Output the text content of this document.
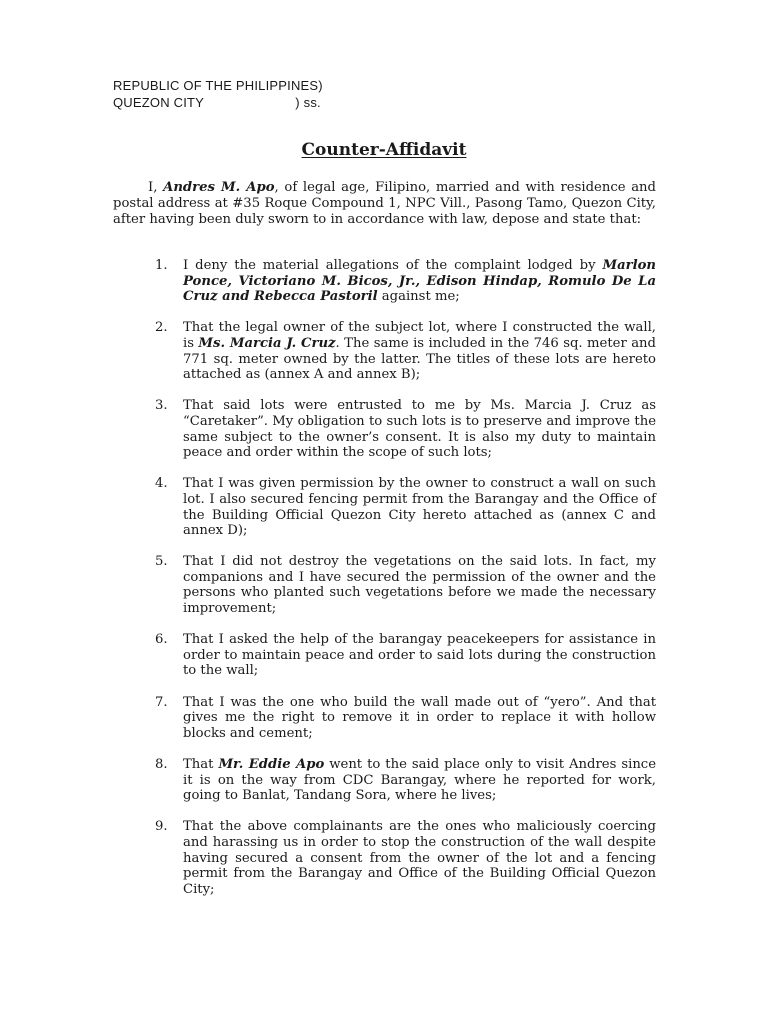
REPUBLIC OF THE PHILIPPINES)
QUEZON CITY                        ) ss.
Counter-Affidavit

I, Andres M. Apo, of legal age, Filipino, married and with residence and postal address at #35 Roque Compound 1, NPC Vill., Pasong Tamo, Quezon City, after having been duly sworn to in accordance with law, depose and state that:

1. I deny the material allegations of the complaint lodged by Marlon Ponce, Victoriano M. Bicos, Jr., Edison Hindap, Romulo De La Cruz and Rebecca Pastoril against me;
2. That the legal owner of the subject lot, where I constructed the wall, is Ms. Marcia J. Cruz. The same is included in the 746 sq. meter and 771 sq. meter owned by the latter. The titles of these lots are hereto attached as (annex A and annex B);
3. That said lots were entrusted to me by Ms. Marcia J. Cruz as “Caretaker”. My obligation to such lots is to preserve and improve the same subject to the owner’s consent. It is also my duty to maintain peace and order within the scope of such lots;
4. That I was given permission by the owner to construct a wall on such lot. I also secured fencing permit from the Barangay and the Office of the Building Official Quezon City hereto attached as (annex C and annex D);
5. That I did not destroy the vegetations on the said lots. In fact, my companions and I have secured the permission of the owner and the persons who planted such vegetations before we made the necessary improvement;
6. That I asked the help of the barangay peacekeepers for assistance in order to maintain peace and order to said lots during the construction to the wall;
7. That I was the one who build the wall made out of “yero”. And that gives me the right to remove it in order to replace it with hollow blocks and cement;
8. That Mr. Eddie Apo went to the said place only to visit Andres since it is on the way from CDC Barangay, where he reported for work, going to Banlat, Tandang Sora, where he lives;
9. That the above complainants are the ones who maliciously coercing and harassing us in order to stop the construction of the wall despite having secured a consent from the owner of the lot and a fencing permit from the Barangay and Office of the Building Official Quezon City;
